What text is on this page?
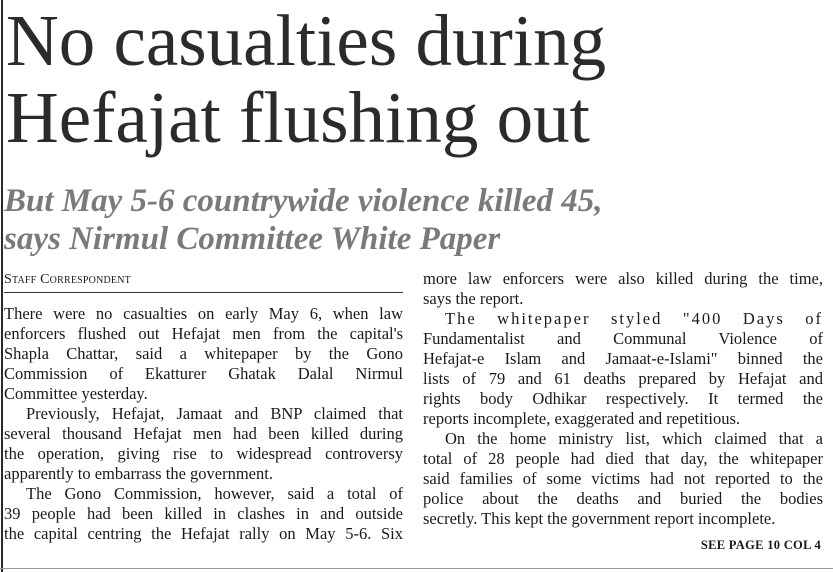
No casualties during
Hefajat flushing out
But May 5-6 countrywide violence killed 45,
says Nirmul Committee White Paper
Staff Correspondent
There were no casualties on early May 6, when law
enforcers flushed out Hefajat men from the capital's
Shapla Chattar, said a whitepaper by the Gono
Commission of Ekatturer Ghatak Dalal Nirmul
Committee yesterday.
Previously, Hefajat, Jamaat and BNP claimed that
several thousand Hefajat men had been killed during
the operation, giving rise to widespread controversy
apparently to embarrass the government.
The Gono Commission, however, said a total of
39 people had been killed in clashes in and outside
the capital centring the Hefajat rally on May 5-6. Six
more law enforcers were also killed during the time,
says the report.
The whitepaper styled "400 Days of
Fundamentalist and Communal Violence of
Hefajat-e Islam and Jamaat-e-Islami" binned the
lists of 79 and 61 deaths prepared by Hefajat and
rights body Odhikar respectively. It termed the
reports incomplete, exaggerated and repetitious.
On the home ministry list, which claimed that a
total of 28 people had died that day, the whitepaper
said families of some victims had not reported to the
police about the deaths and buried the bodies
secretly. This kept the government report incomplete.
SEE PAGE 10 COL 4
